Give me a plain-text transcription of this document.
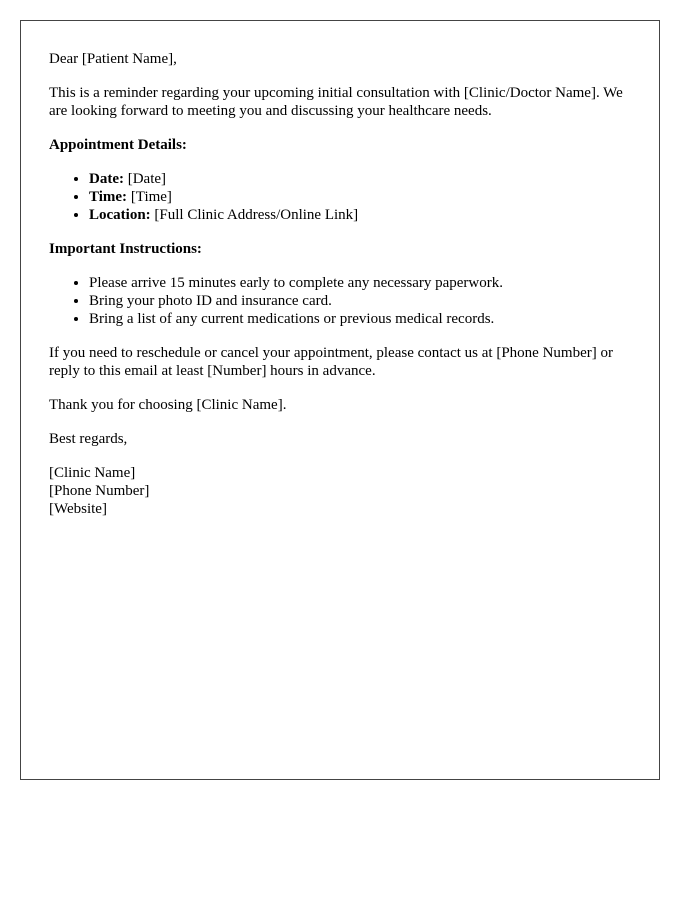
Dear [Patient Name],

This is a reminder regarding your upcoming initial consultation with [Clinic/Doctor Name]. We are looking forward to meeting you and discussing your healthcare needs.

Appointment Details:
• Date: [Date]
• Time: [Time]
• Location: [Full Clinic Address/Online Link]
Important Instructions:
• Please arrive 15 minutes early to complete any necessary paperwork.
• Bring your photo ID and insurance card.
• Bring a list of any current medications or previous medical records.

If you need to reschedule or cancel your appointment, please contact us at [Phone Number] or reply to this email at least [Number] hours in advance.

Thank you for choosing [Clinic Name].

Best regards,

[Clinic Name]
[Phone Number]
[Website]
